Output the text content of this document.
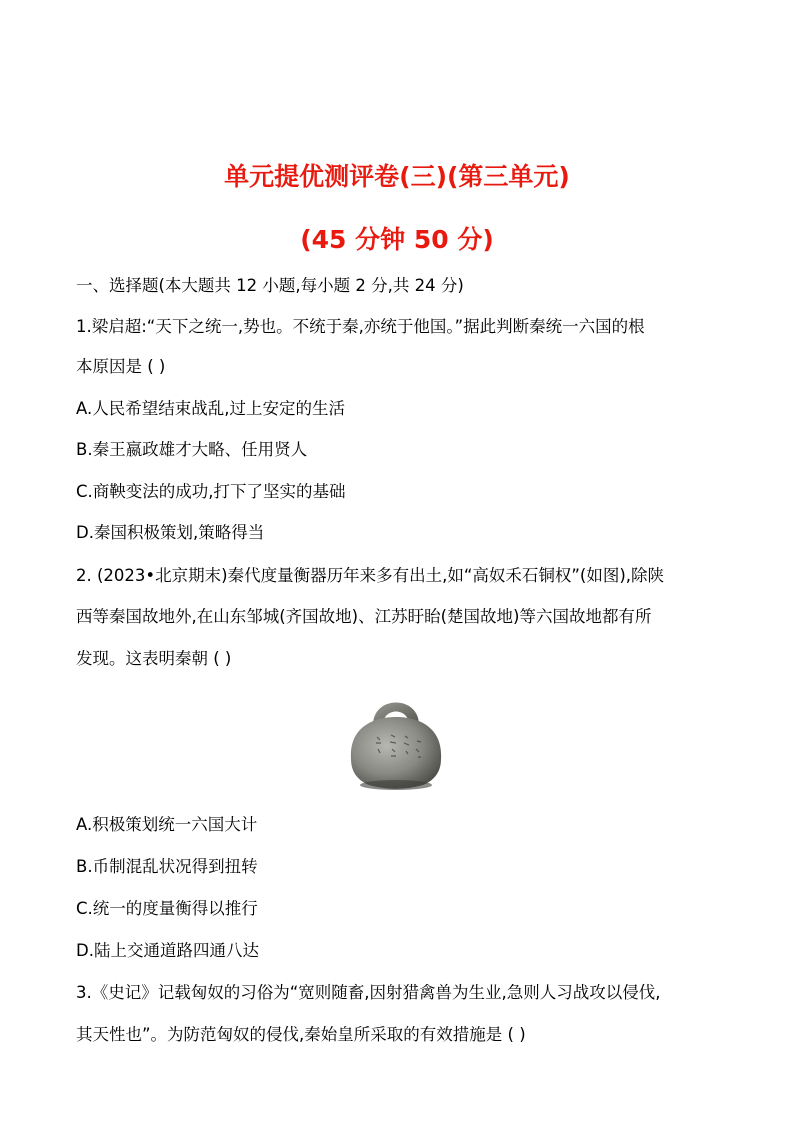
单元提优测评卷(三)(第三单元)
(45 分钟 50 分)
一、选择题(本大题共 12 小题,每小题 2 分,共 24 分)
1.梁启超:“天下之统一,势也。不统于秦,亦统于他国。”据此判断秦统一六国的根
本原因是 ( )
A.人民希望结束战乱,过上安定的生活
B.秦王嬴政雄才大略、任用贤人
C.商鞅变法的成功,打下了坚实的基础
D.秦国积极策划,策略得当
2. (2023•北京期末)秦代度量衡器历年来多有出土,如“高奴禾石铜权”(如图),除陕
西等秦国故地外,在山东邹城(齐国故地)、江苏盱眙(楚国故地)等六国故地都有所
发现。这表明秦朝 ( )
A.积极策划统一六国大计
B.币制混乱状况得到扭转
C.统一的度量衡得以推行
D.陆上交通道路四通八达
3.《史记》记载匈奴的习俗为“宽则随畜,因射猎禽兽为生业,急则人习战攻以侵伐,
其天性也”。为防范匈奴的侵伐,秦始皇所采取的有效措施是 ( )
